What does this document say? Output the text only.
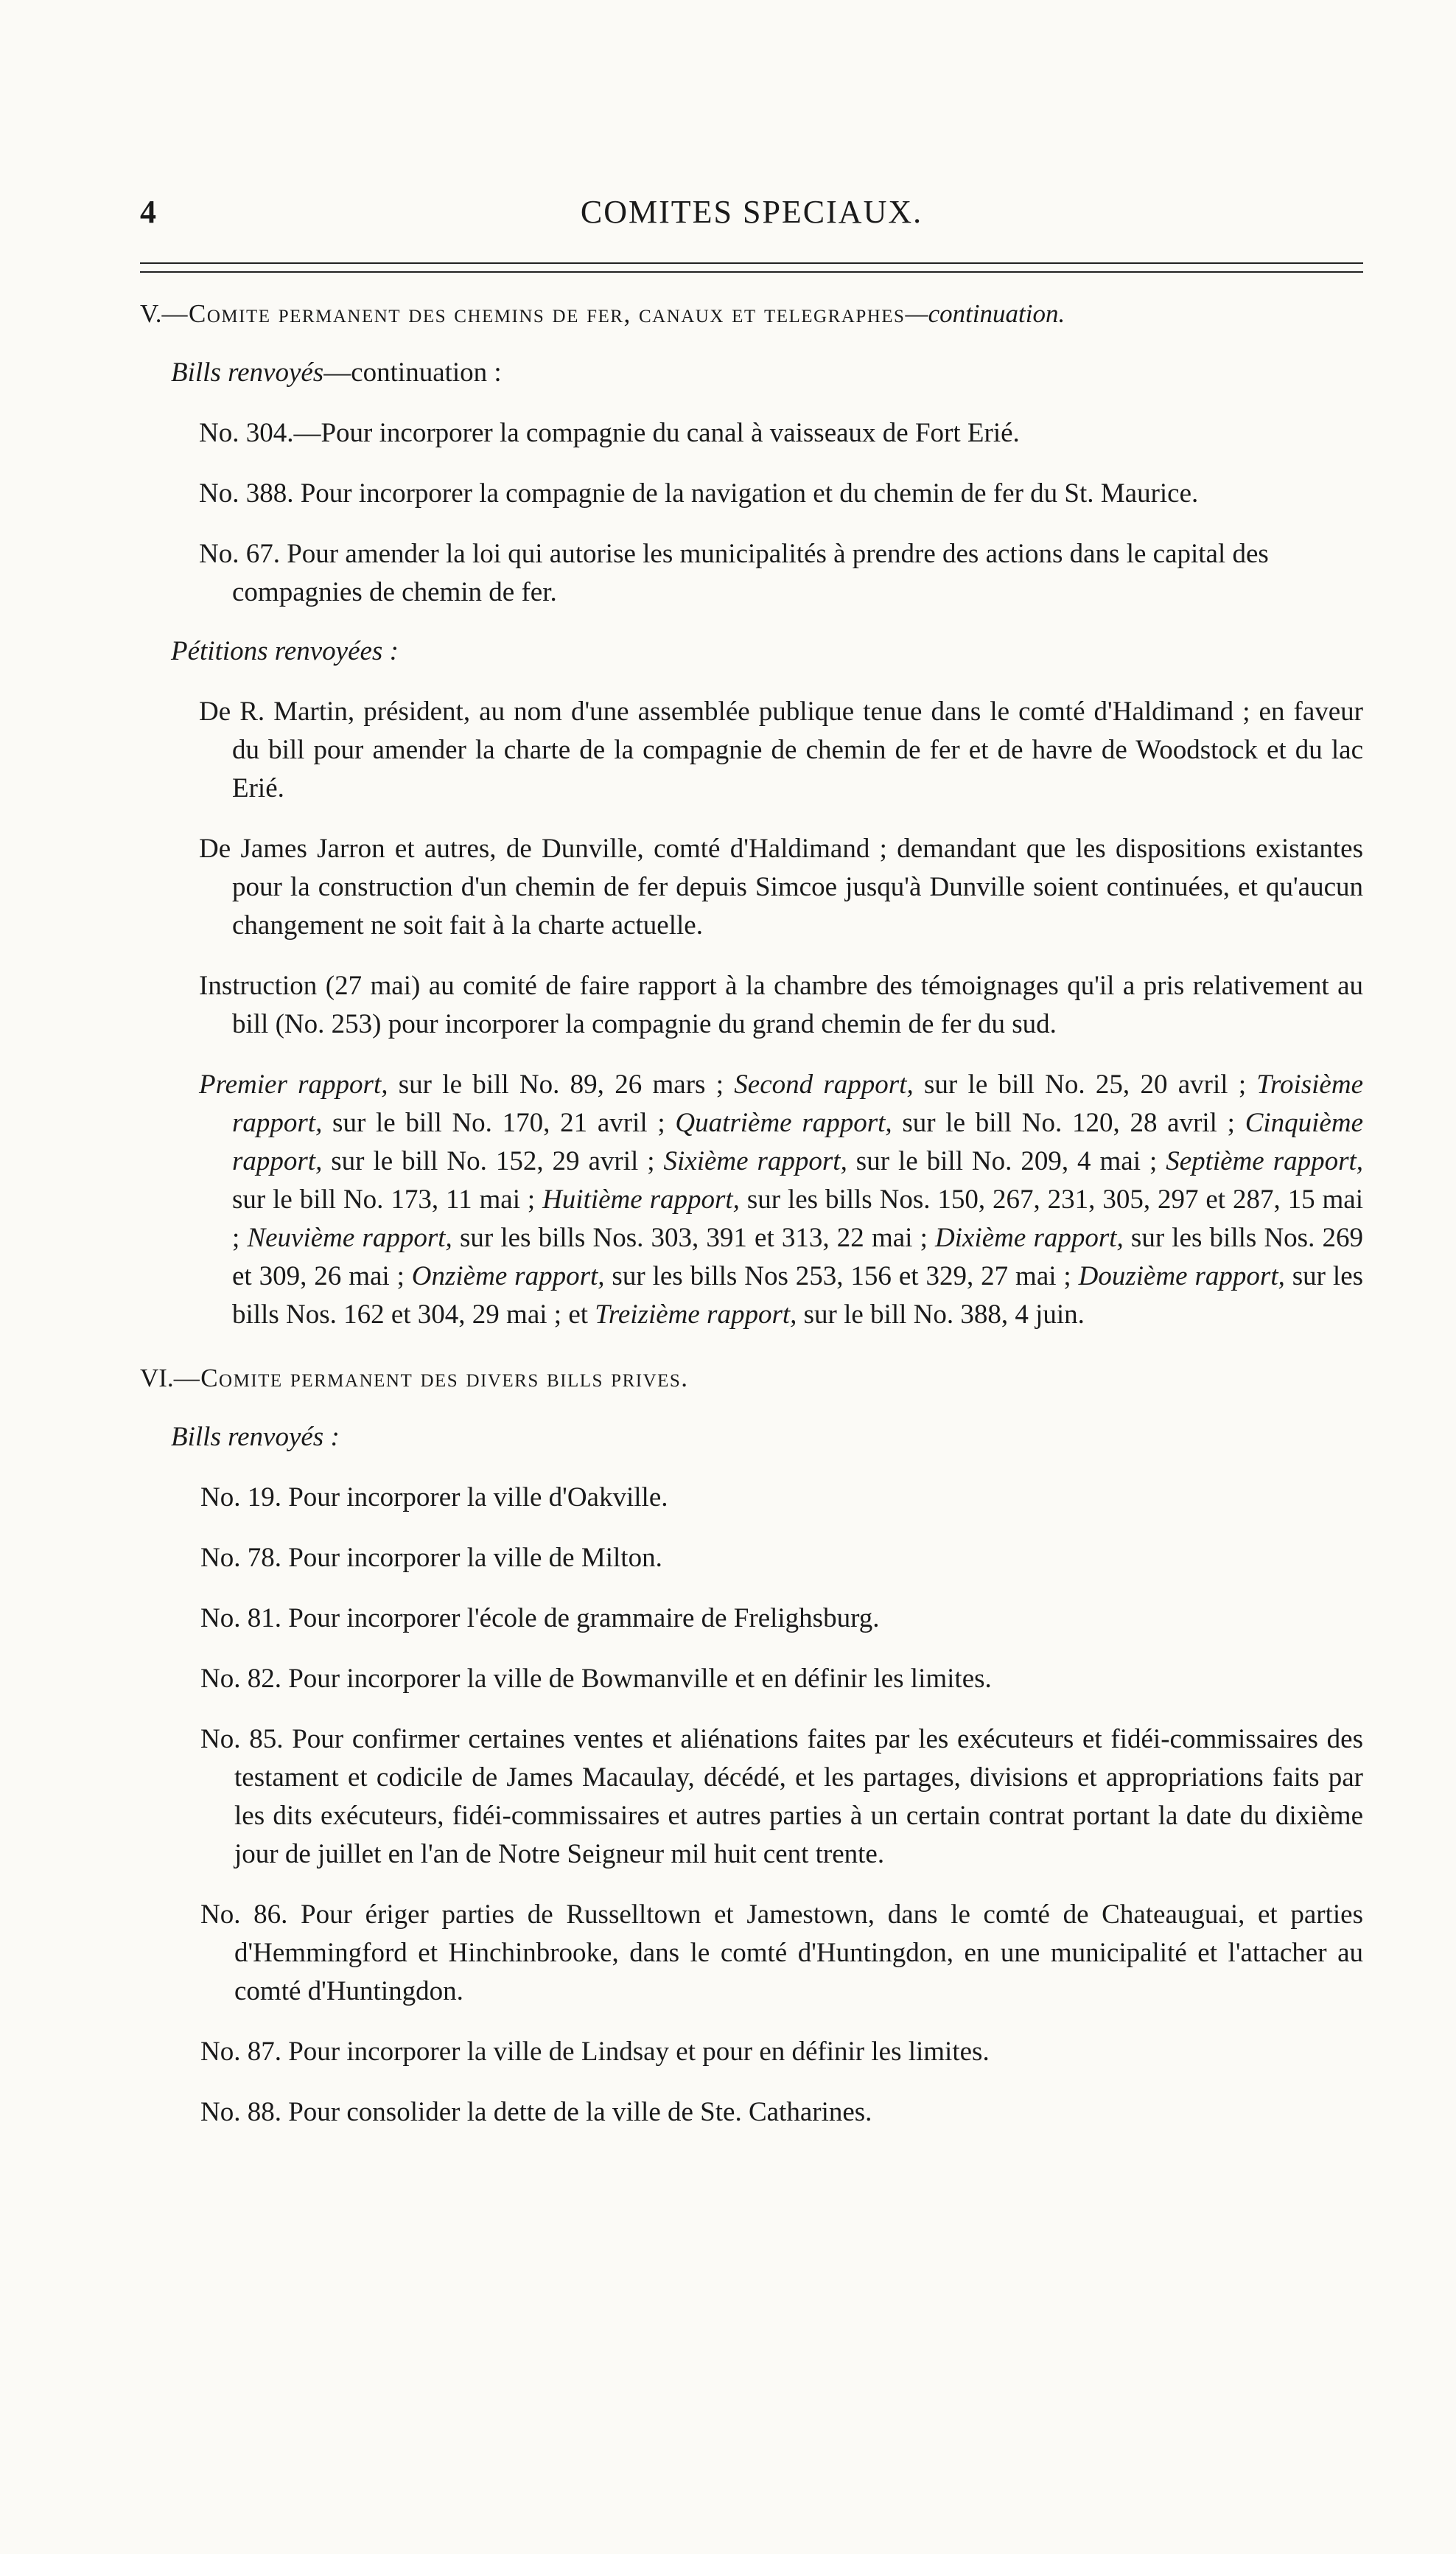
4	COMITES SPECIAUX.

V.—Comite permanent des chemins de fer, canaux et telegraphes—continuation.

Bills renvoyés—continuation :

No. 304.—Pour incorporer la compagnie du canal à vaisseaux de Fort Erié.

No. 388. Pour incorporer la compagnie de la navigation et du chemin de fer du St. Maurice.

No. 67. Pour amender la loi qui autorise les municipalités à prendre des actions dans le capital des compagnies de chemin de fer.

Pétitions renvoyées :

De R. Martin, président, au nom d'une assemblée publique tenue dans le comté d'Haldimand ; en faveur du bill pour amender la charte de la compagnie de chemin de fer et de havre de Woodstock et du lac Erié.

De James Jarron et autres, de Dunville, comté d'Haldimand ; demandant que les dispositions existantes pour la construction d'un chemin de fer depuis Simcoe jusqu'à Dunville soient continuées, et qu'aucun changement ne soit fait à la charte actuelle.

Instruction (27 mai) au comité de faire rapport à la chambre des témoignages qu'il a pris relativement au bill (No. 253) pour incorporer la compagnie du grand chemin de fer du sud.

Premier rapport, sur le bill No. 89, 26 mars ; Second rapport, sur le bill No. 25, 20 avril ; Troisième rapport, sur le bill No. 170, 21 avril ; Quatrième rapport, sur le bill No. 120, 28 avril ; Cinquième rapport, sur le bill No. 152, 29 avril ; Sixième rapport, sur le bill No. 209, 4 mai ; Septième rapport, sur le bill No. 173, 11 mai ; Huitième rapport, sur les bills Nos. 150, 267, 231, 305, 297 et 287, 15 mai ; Neuvième rapport, sur les bills Nos. 303, 391 et 313, 22 mai ; Dixième rapport, sur les bills Nos. 269 et 309, 26 mai ; Onzième rapport, sur les bills Nos 253, 156 et 329, 27 mai ; Douzième rapport, sur les bills Nos. 162 et 304, 29 mai ; et Treizième rapport, sur le bill No. 388, 4 juin.

VI.—Comite permanent des divers bills prives.

Bills renvoyés :

No. 19. Pour incorporer la ville d'Oakville.

No. 78. Pour incorporer la ville de Milton.

No. 81. Pour incorporer l'école de grammaire de Frelighsburg.

No. 82. Pour incorporer la ville de Bowmanville et en définir les limites.

No. 85. Pour confirmer certaines ventes et aliénations faites par les exécuteurs et fidéi-commissaires des testament et codicile de James Macaulay, décédé, et les partages, divisions et appropriations faits par les dits exécuteurs, fidéi-commissaires et autres parties à un certain contrat portant la date du dixième jour de juillet en l'an de Notre Seigneur mil huit cent trente.

No. 86. Pour ériger parties de Russelltown et Jamestown, dans le comté de Chateauguai, et parties d'Hemmingford et Hinchinbrooke, dans le comté d'Huntingdon, en une municipalité et l'attacher au comté d'Huntingdon.

No. 87. Pour incorporer la ville de Lindsay et pour en définir les limites.

No. 88. Pour consolider la dette de la ville de Ste. Catharines.
